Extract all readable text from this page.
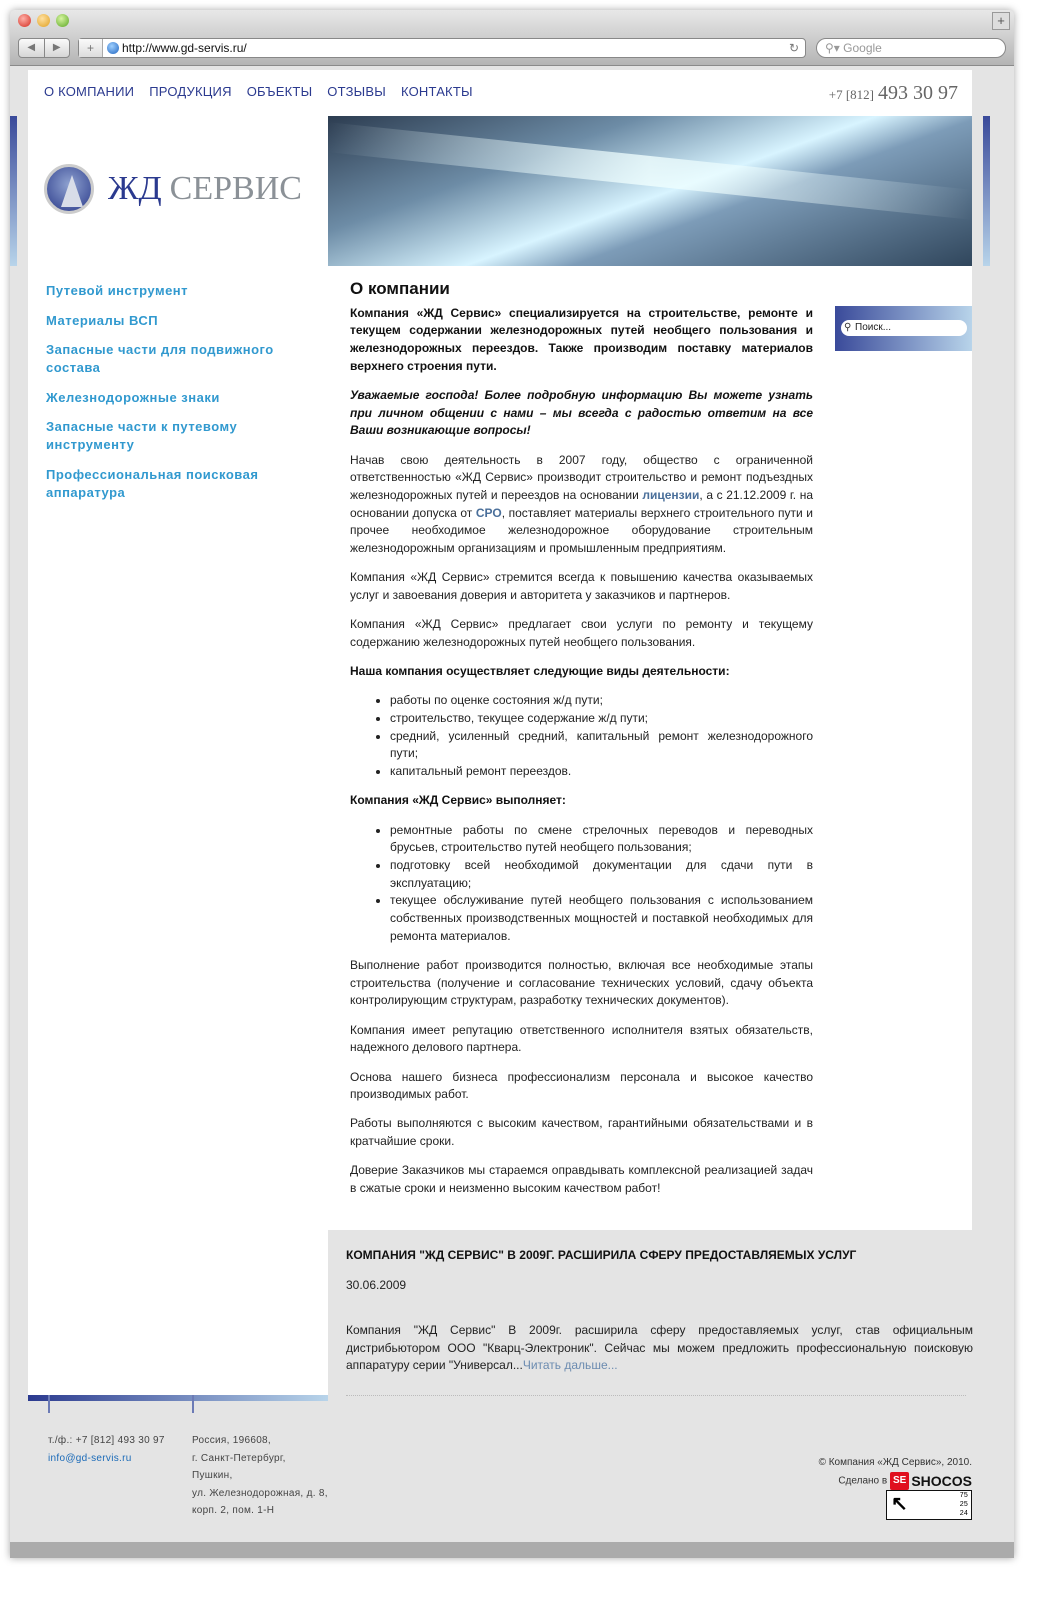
+
◀	▶	+	http://www.gd-servis.ru/	↻	⚲▾ Google
О КОМПАНИИ ПРОДУКЦИЯ ОБЪЕКТЫ ОТЗЫВЫ КОНТАКТЫ	+7 [812] 493 30 97
ЖД СЕРВИС
Путевой инструмент
Материалы ВСП
Запасные части для подвижного состава
Железнодорожные знаки
Запасные части к путевому инструменту
Профессиональная поисковая аппаратура
⚲ Поиск...
О компании

Компания «ЖД Сервис» специализируется на строительстве, ремонте и текущем содержании железнодорожных путей необщего пользования и железнодорожных переездов. Также производим поставку материалов верхнего строения пути.

Уважаемые господа! Более подробную информацию Вы можете узнать при личном общении с нами – мы всегда с радостью ответим на все Ваши возникающие вопросы!

Начав свою деятельность в 2007 году, общество с ограниченной ответственностью «ЖД Сервис» производит строительство и ремонт подъездных железнодорожных путей и переездов на основании лицензии, а с 21.12.2009 г. на основании допуска от СРО, поставляет материалы верхнего строительного пути и прочее необходимое железнодорожное оборудование строительным железнодорожным организациям и промышленным предприятиям.

Компания «ЖД Сервис» стремится всегда к повышению качества оказываемых услуг и завоевания доверия и авторитета у заказчиков и партнеров.

Компания «ЖД Сервис» предлагает свои услуги по ремонту и текущему содержанию железнодорожных путей необщего пользования.

Наша компания осуществляет следующие виды деятельности:

• работы по оценке состояния ж/д пути;
• строительство, текущее содержание ж/д пути;
• средний, усиленный средний, капитальный ремонт железнодорожного пути;
• капитальный ремонт переездов.

Компания «ЖД Сервис» выполняет:

• ремонтные работы по смене стрелочных переводов и переводных брусьев, строительство путей необщего пользования;
• подготовку всей необходимой документации для сдачи пути в эксплуатацию;
• текущее обслуживание путей необщего пользования с использованием собственных производственных мощностей и поставкой необходимых для ремонта материалов.

Выполнение работ производится полностью, включая все необходимые этапы строительства (получение и согласование технических условий, сдачу объекта контролирующим структурам, разработку технических документов).

Компания имеет репутацию ответственного исполнителя взятых обязательств, надежного делового партнера.

Основа нашего бизнеса профессионализм персонала и высокое качество производимых работ.

Работы выполняются с высоким качеством, гарантийными обязательствами и в кратчайшие сроки.

Доверие Заказчиков мы стараемся оправдывать комплексной реализацией задач в сжатые сроки и неизменно высоким качеством работ!

КОМПАНИЯ "ЖД СЕРВИС" В 2009Г. РАСШИРИЛА СФЕРУ ПРЕДОСТАВЛЯЕМЫХ УСЛУГ
30.06.2009
Компания "ЖД Сервис" В 2009г. расширила сферу предоставляемых услуг, став официальным дистрибьютором ООО "Кварц-Электроник". Сейчас мы можем предложить профессиональную поисковую аппаратуру серии "Универсал...Читать дальше...
т./ф.: +7 [812] 493 30 97
info@gd-servis.ru
Россия, 196608,
г. Санкт-Петербург,
Пушкин,
ул. Железнодорожная, д. 8,
корп. 2, пом. 1-Н
© Компания «ЖД Сервис», 2010.
Сделано в SE SHOCOS
↖	75
25
24
